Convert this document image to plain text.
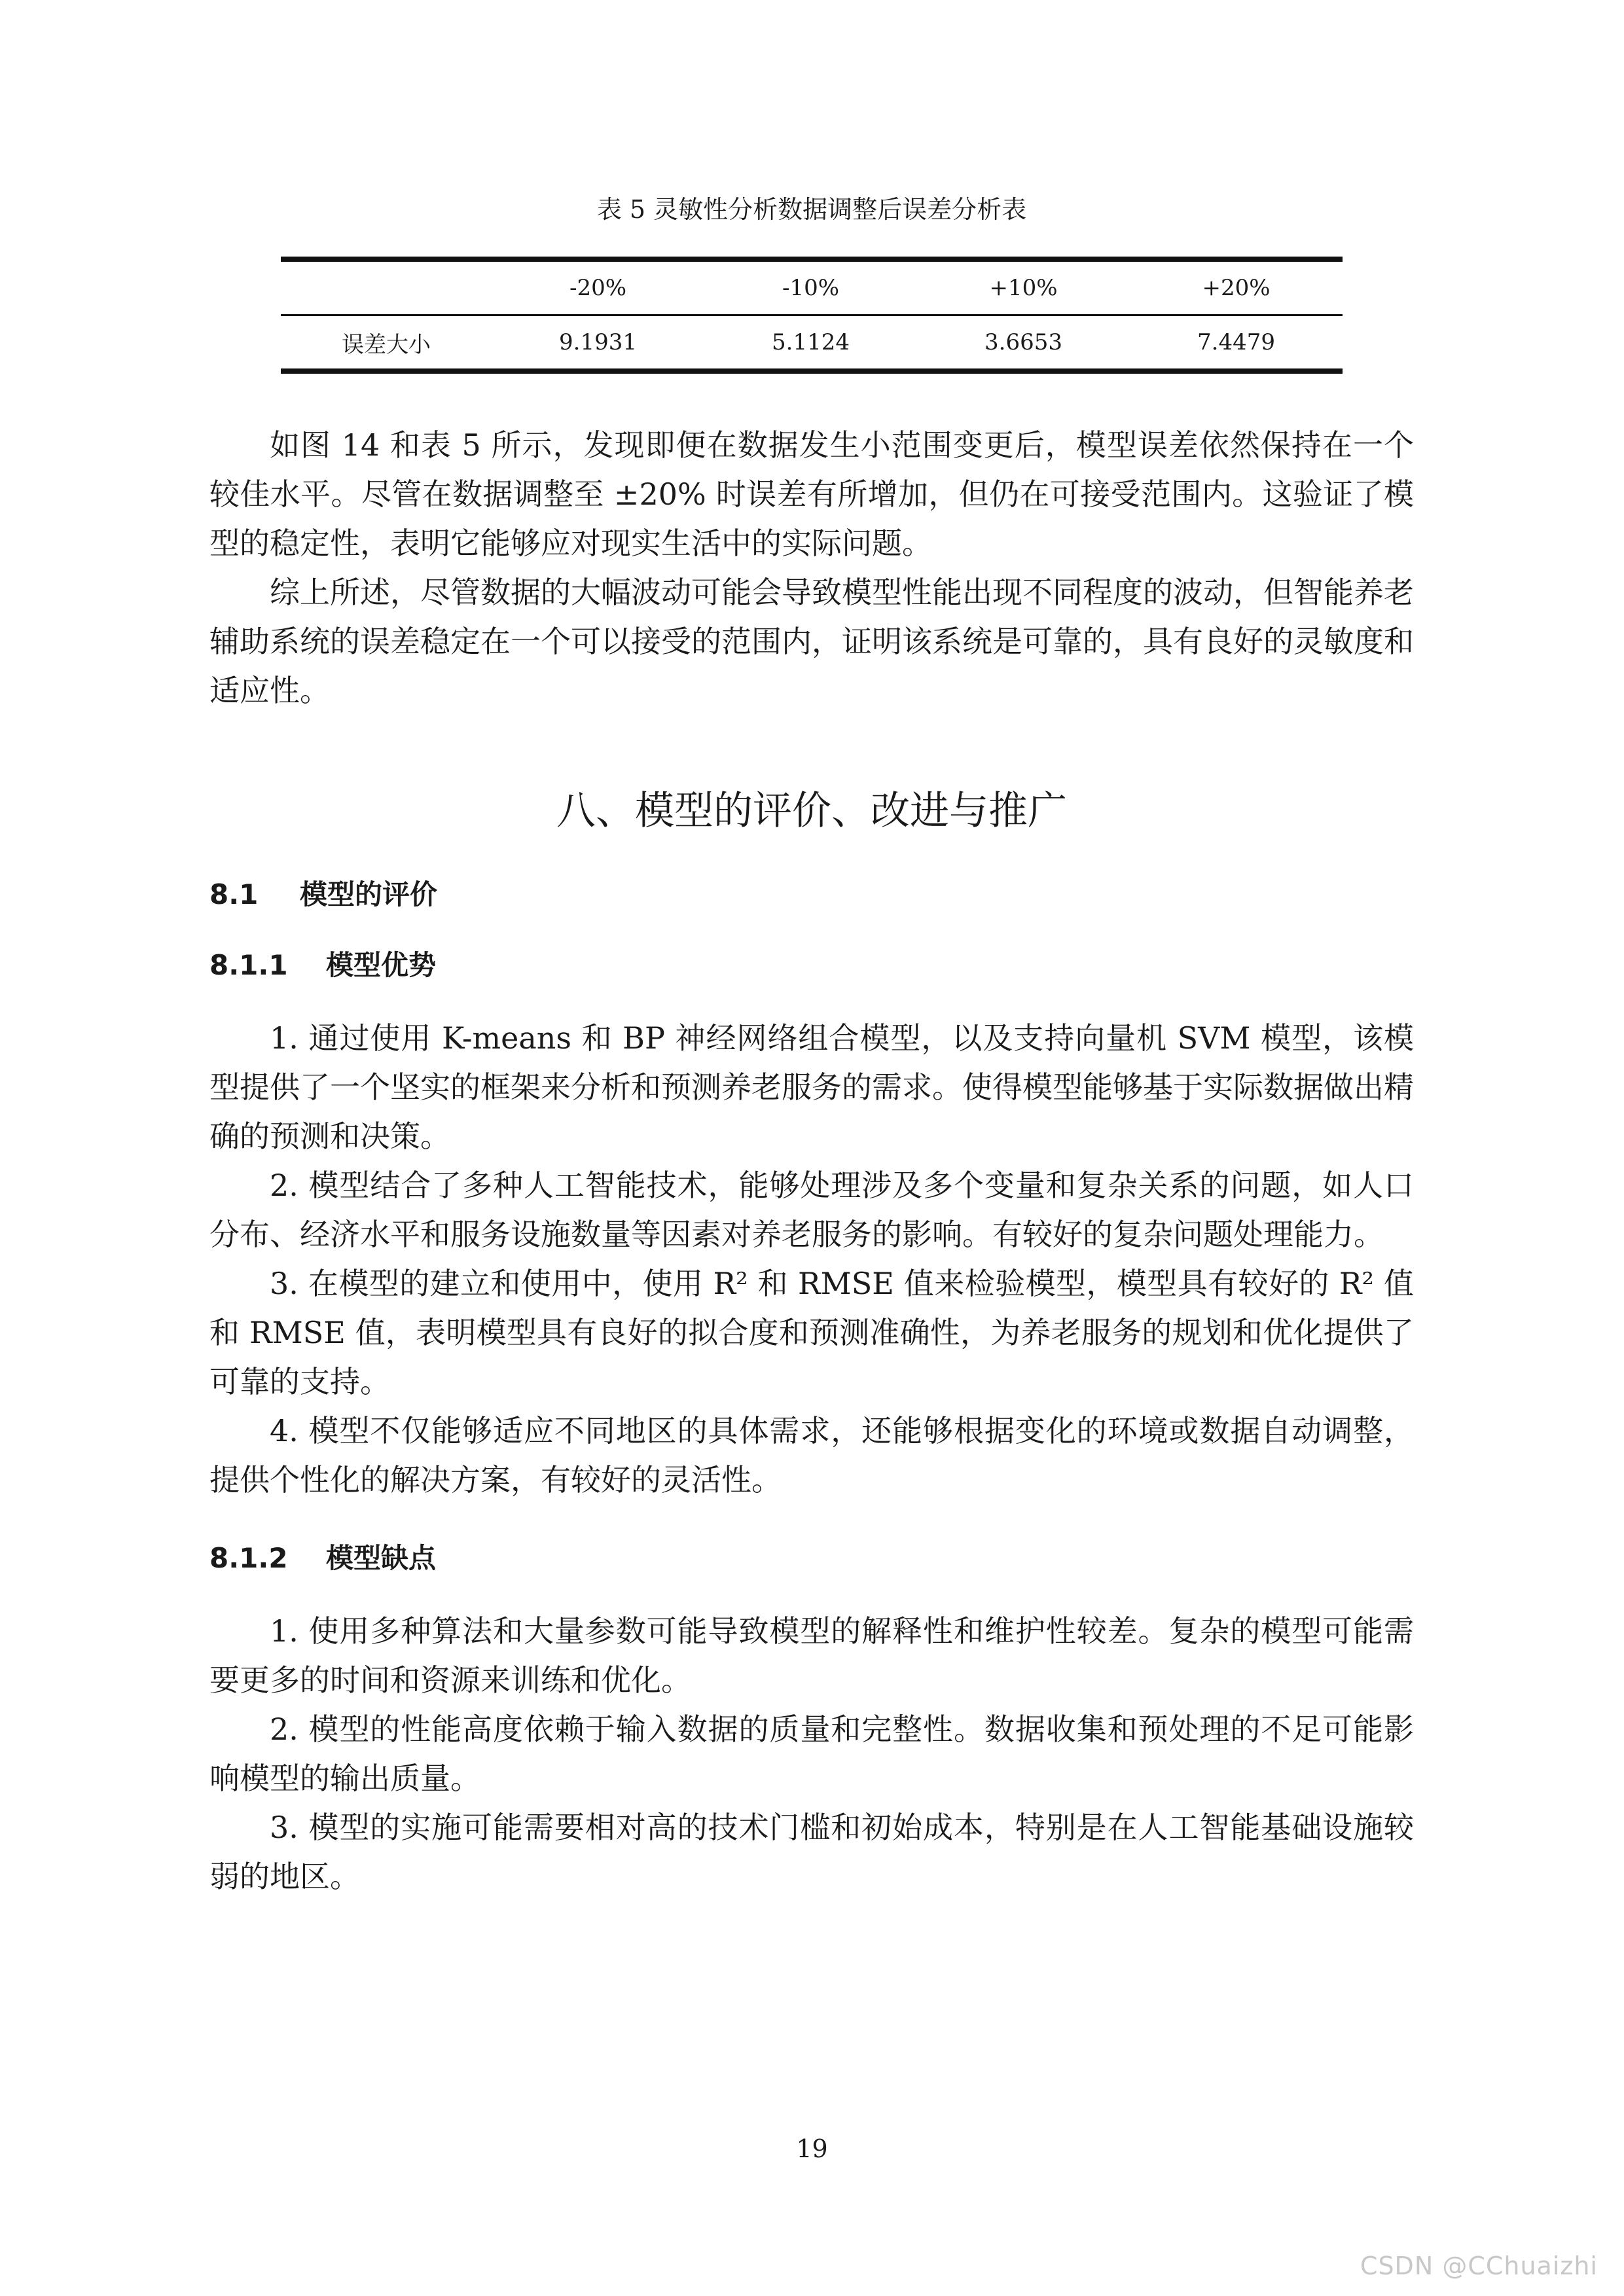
表 5 灵敏性分析数据调整后误差分析表
	-20%	-10%	+10%	+20%
误差大小	9.1931	5.1124	3.6653	7.4479

如图 14 和表 5 所示，发现即便在数据发生小范围变更后，模型误差依然保持在一个较佳水平。尽管在数据调整至 ±20% 时误差有所增加，但仍在可接受范围内。这验证了模型的稳定性，表明它能够应对现实生活中的实际问题。

综上所述，尽管数据的大幅波动可能会导致模型性能出现不同程度的波动，但智能养老辅助系统的误差稳定在一个可以接受的范围内，证明该系统是可靠的，具有良好的灵敏度和适应性。

八、模型的评价、改进与推广
8.1 模型的评价
8.1.1 模型优势

1. 通过使用 K-means 和 BP 神经网络组合模型，以及支持向量机 SVM 模型，该模型提供了一个坚实的框架来分析和预测养老服务的需求。使得模型能够基于实际数据做出精确的预测和决策。

2. 模型结合了多种人工智能技术，能够处理涉及多个变量和复杂关系的问题，如人口分布、经济水平和服务设施数量等因素对养老服务的影响。有较好的复杂问题处理能力。

3. 在模型的建立和使用中，使用 R² 和 RMSE 值来检验模型，模型具有较好的 R² 值和 RMSE 值，表明模型具有良好的拟合度和预测准确性，为养老服务的规划和优化提供了可靠的支持。

4. 模型不仅能够适应不同地区的具体需求，还能够根据变化的环境或数据自动调整，提供个性化的解决方案，有较好的灵活性。

8.1.2 模型缺点

1. 使用多种算法和大量参数可能导致模型的解释性和维护性较差。复杂的模型可能需要更多的时间和资源来训练和优化。

2. 模型的性能高度依赖于输入数据的质量和完整性。数据收集和预处理的不足可能影响模型的输出质量。

3. 模型的实施可能需要相对高的技术门槛和初始成本，特别是在人工智能基础设施较弱的地区。

19
CSDN @CChuaizhi
